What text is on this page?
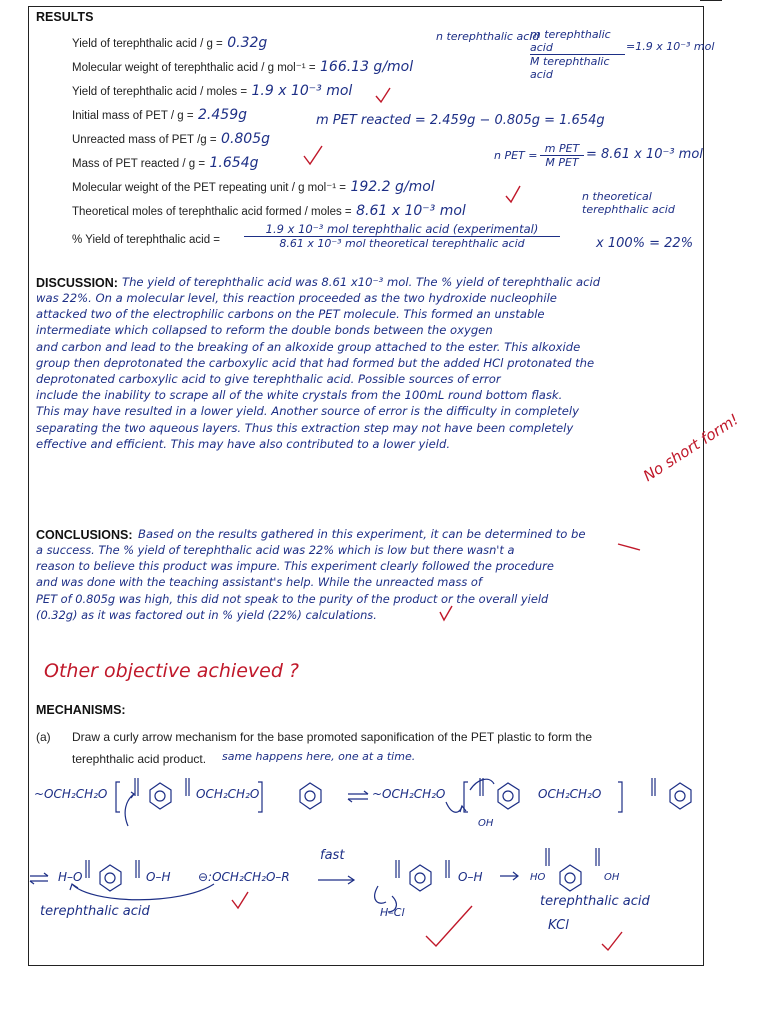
RESULTS
Yield of terephthalic acid / g = 0.32g
Molecular weight of terephthalic acid / g mol⁻¹ = 166.13 g/mol
Yield of terephthalic acid / moles = 1.9 x 10⁻³ mol
Initial mass of PET / g = 2.459g
Unreacted mass of PET /g = 0.805g
Mass of PET reacted / g = 1.654g
Molecular weight of the PET repeating unit / g mol⁻¹ = 192.2 g/mol
Theoretical moles of terephthalic acid formed / moles = 8.61 x 10⁻³ mol
% Yield of terephthalic acid =
n terephthalic acid
m terephthalic acid
M terephthalic acid
=1.9 x 10⁻³ mol
m PET reacted = 2.459g − 0.805g = 1.654g
n PET =
m PET
M PET
= 8.61 x 10⁻³ mol
n theoretical terephthalic acid
1.9 x 10⁻³ mol terephthalic acid (experimental)
8.61 x 10⁻³ mol theoretical terephthalic acid	x 100% = 22%
DISCUSSION: The yield of terephthalic acid was 8.61 x10⁻³ mol. The % yield of terephthalic acid
was 22%. On a molecular level, this reaction proceeded as the two hydroxide nucleophile
attacked two of the electrophilic carbons on the PET molecule. This formed an unstable
intermediate which collapsed to reform the double bonds between the oxygen
and carbon and lead to the breaking of an alkoxide group attached to the ester. This alkoxide
group then deprotonated the carboxylic acid that had formed but the added HCl protonated the
deprotonated carboxylic acid to give terephthalic acid. Possible sources of error
include the inability to scrape all of the white crystals from the 100mL round bottom flask.
This may have resulted in a lower yield. Another source of error is the difficulty in completely
separating the two aqueous layers. Thus this extraction step may not have been completely
effective and efficient. This may have also contributed to a lower yield.	No short form!
CONCLUSIONS: Based on the results gathered in this experiment, it can be determined to be
a success. The % yield of terephthalic acid was 22% which is low but there wasn't a
reason to believe this product was impure. This experiment clearly followed the procedure
and was done with the teaching assistant's help. While the unreacted mass of
PET of 0.805g was high, this did not speak to the purity of the product or the overall yield
(0.32g) as it was factored out in % yield (22%) calculations.
Other objective achieved ?
MECHANISMS:
(a) Draw a curly arrow mechanism for the base promoted saponification of the PET plastic to form the
terephthalic acid product. same happens here, one at a time.
~OCH₂CH₂O	OCH₂CH₂O	~OCH₂CH₂O	OCH₂CH₂O
OH
H–O	O–H ⊖:OCH₂CH₂O–R
fast
O–H
H–Cl
HO	OH
terephthalic acid
terephthalic acid
KCl
